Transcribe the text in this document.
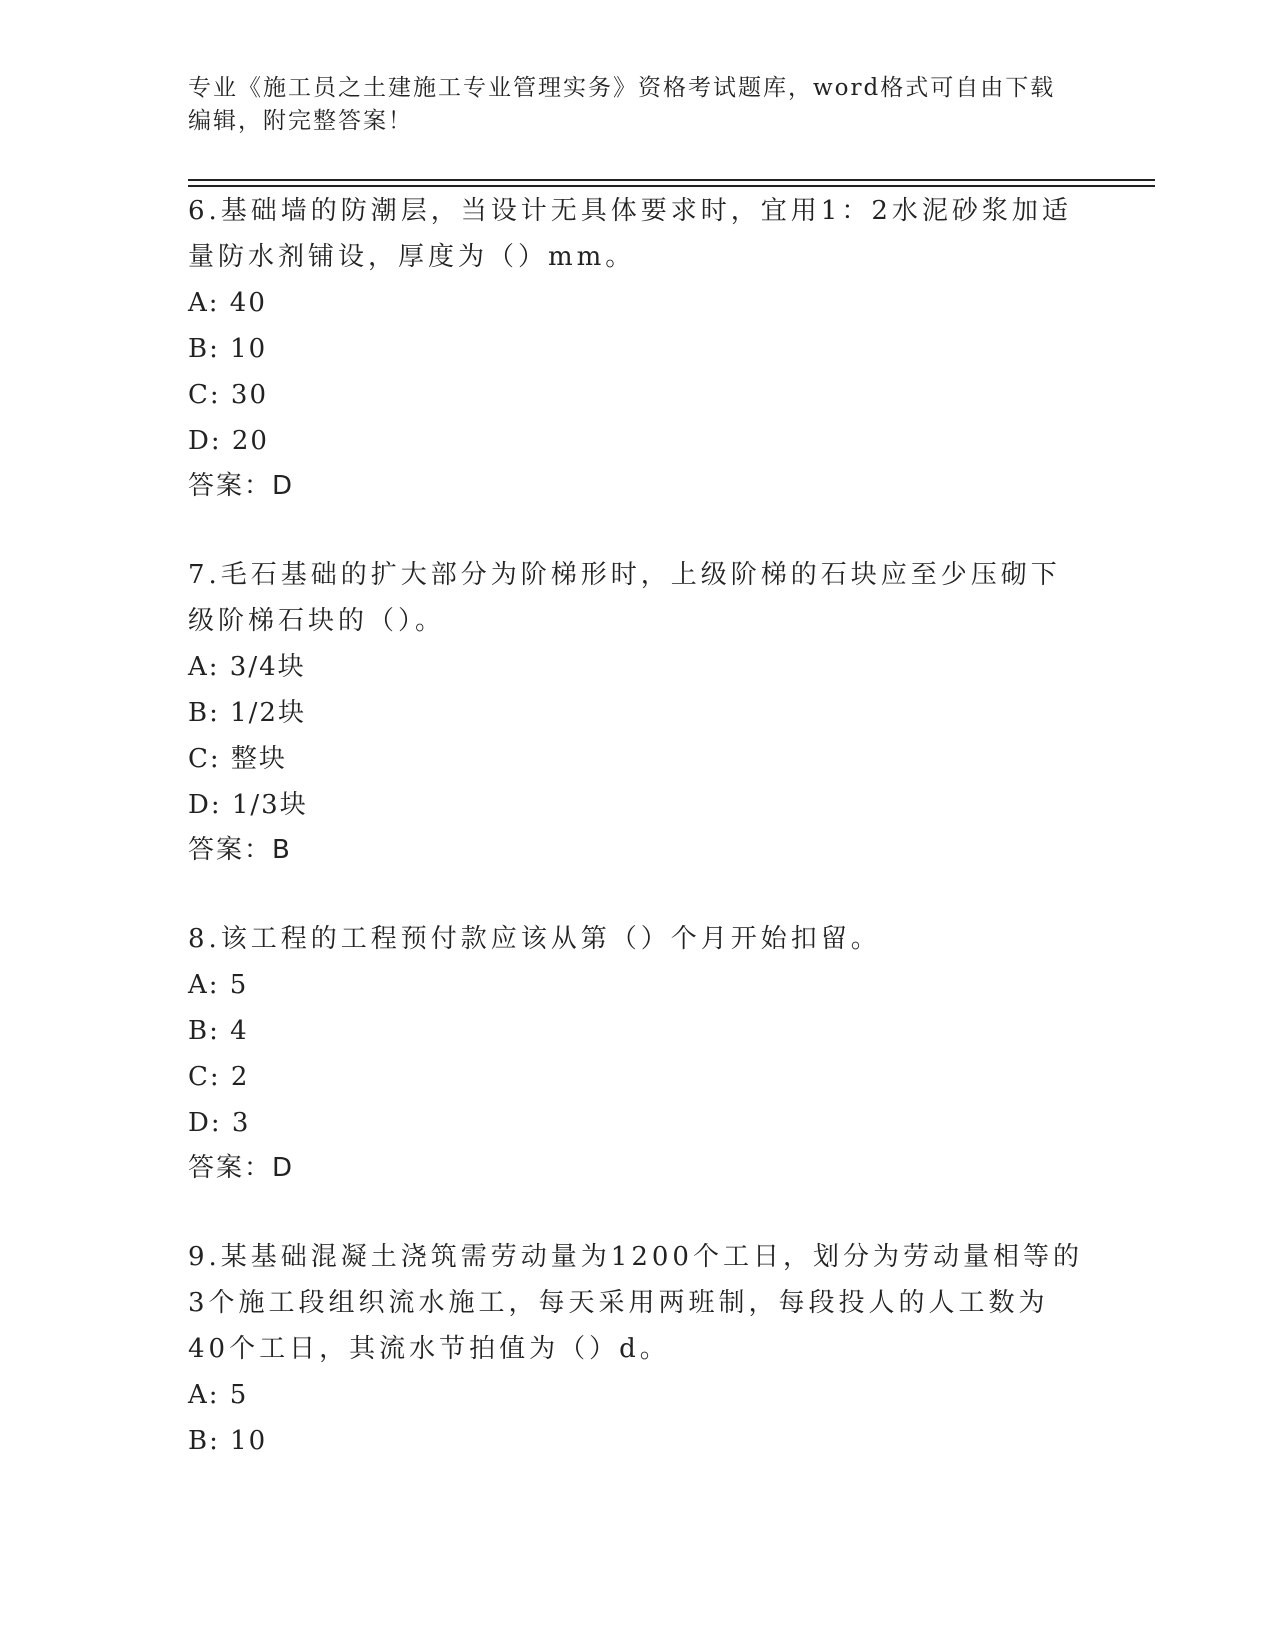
专业《施工员之土建施工专业管理实务》资格考试题库，word格式可自由下载编辑，附完整答案！

6.基础墙的防潮层，当设计无具体要求时，宜用1：2水泥砂浆加适量防水剂铺设，厚度为（）mm。

A: 40

B: 10

C: 30

D: 20

答案：D

7.毛石基础的扩大部分为阶梯形时，上级阶梯的石块应至少压砌下级阶梯石块的（）。

A: 3/4块

B: 1/2块

C: 整块

D: 1/3块

答案：B

8.该工程的工程预付款应该从第（）个月开始扣留。

A: 5

B: 4

C: 2

D: 3

答案：D

9.某基础混凝土浇筑需劳动量为1200个工日，划分为劳动量相等的3个施工段组织流水施工，每天采用两班制，每段投人的人工数为40个工日，其流水节拍值为（）d。

A: 5

B: 10
